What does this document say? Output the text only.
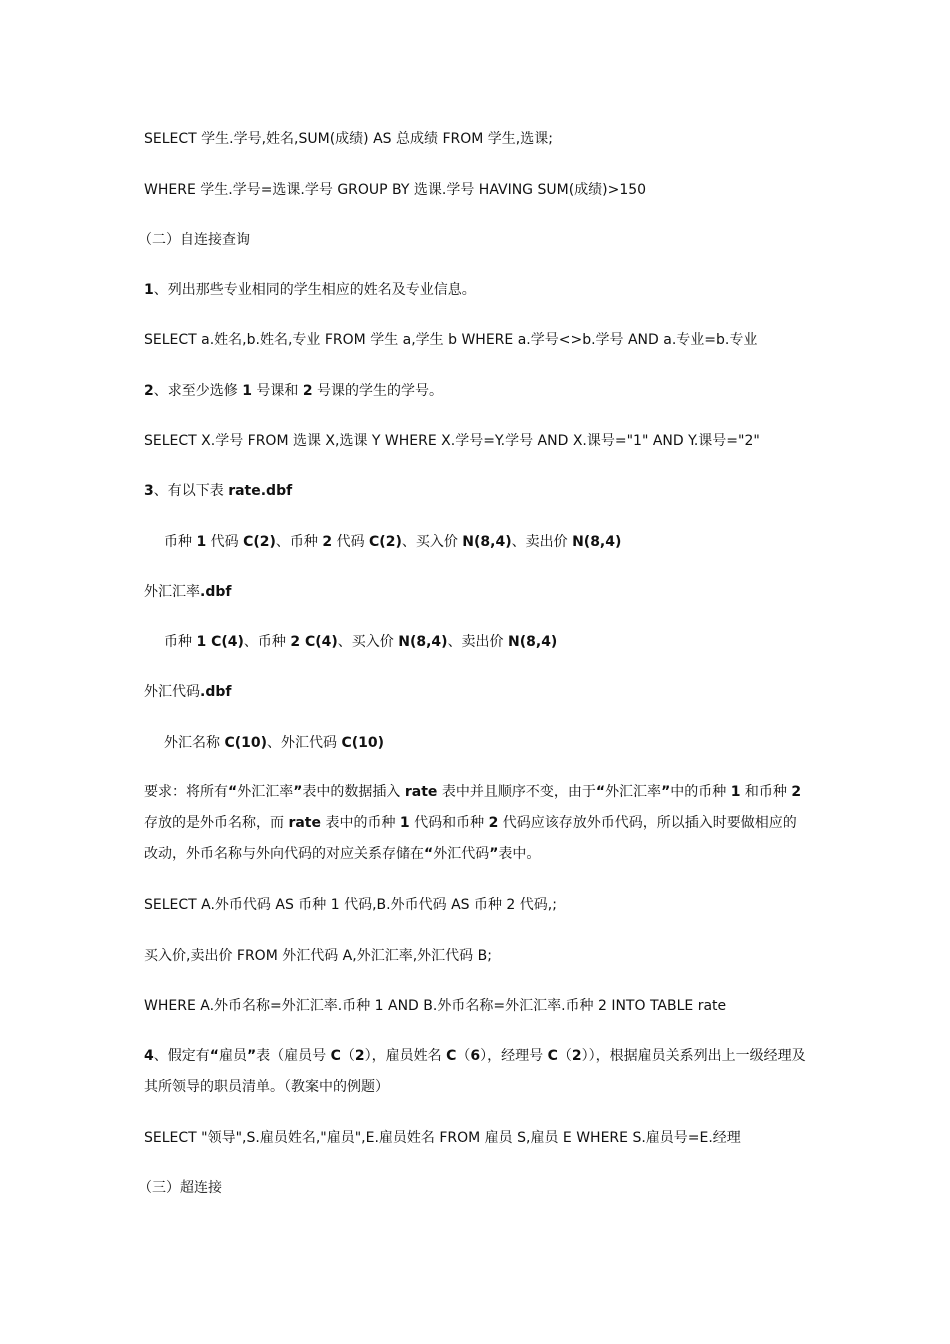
SELECT 学生.学号,姓名,SUM(成绩) AS 总成绩 FROM 学生,选课;
WHERE 学生.学号=选课.学号 GROUP BY 选课.学号 HAVING SUM(成绩)>150
（二）自连接查询
1、列出那些专业相同的学生相应的姓名及专业信息。
SELECT a.姓名,b.姓名,专业 FROM 学生 a,学生 b WHERE a.学号<>b.学号 AND a.专业=b.专业
2、求至少选修 1 号课和 2 号课的学生的学号。
SELECT X.学号 FROM 选课 X,选课 Y WHERE X.学号=Y.学号 AND X.课号="1" AND Y.课号="2"
3、有以下表 rate.dbf
币种 1 代码 C(2)、币种 2 代码 C(2)、买入价 N(8,4)、卖出价 N(8,4)
外汇汇率.dbf
币种 1 C(4)、币种 2 C(4)、买入价 N(8,4)、卖出价 N(8,4)
外汇代码.dbf
外汇名称 C(10)、外汇代码 C(10)
要求：将所有“外汇汇率”表中的数据插入 rate 表中并且顺序不变，由于“外汇汇率”中的币种 1 和币种 2 存放的是外币名称，而 rate 表中的币种 1 代码和币种 2 代码应该存放外币代码，所以插入时要做相应的改动，外币名称与外向代码的对应关系存储在“外汇代码”表中。
SELECT A.外币代码 AS 币种 1 代码,B.外币代码 AS 币种 2 代码,;
买入价,卖出价 FROM 外汇代码 A,外汇汇率,外汇代码 B;
WHERE A.外币名称=外汇汇率.币种 1 AND B.外币名称=外汇汇率.币种 2 INTO TABLE rate
4、假定有“雇员”表（雇员号 C（2），雇员姓名 C（6），经理号 C（2）），根据雇员关系列出上一级经理及其所领导的职员清单。（教案中的例题）
SELECT "领导",S.雇员姓名,"雇员",E.雇员姓名 FROM 雇员 S,雇员 E WHERE S.雇员号=E.经理
（三）超连接
